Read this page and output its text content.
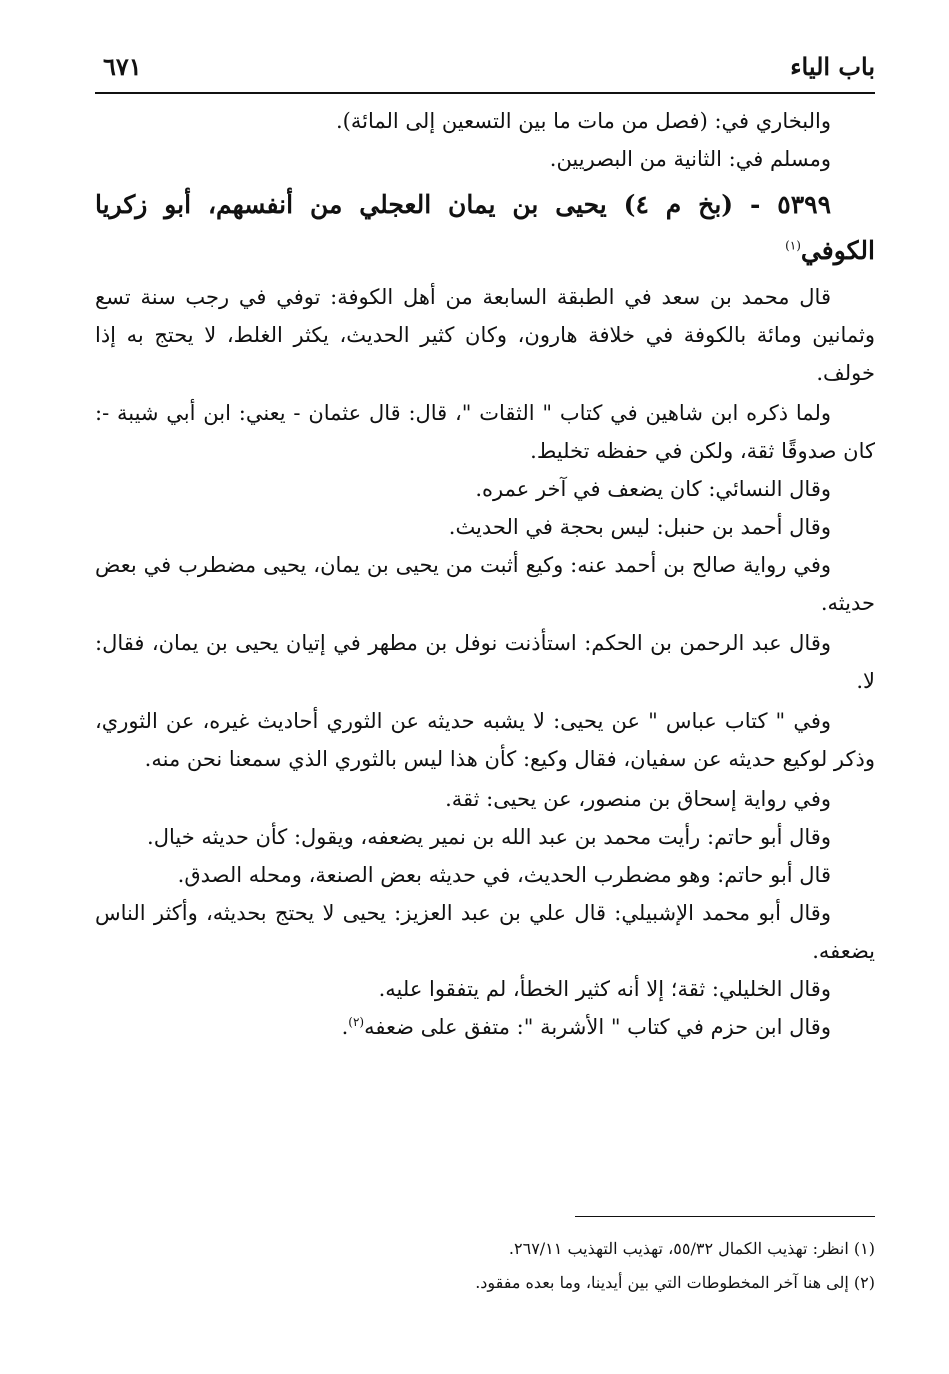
باب الياء
٦٧١

والبخاري في: (فصل من مات ما بين التسعين إلى المائة).

ومسلم في: الثانية من البصريين.

٥٣٩٩ - (بخ م ٤) يحيى بن يمان العجلي من أنفسهم، أبو زكريا الكوفي$^{(١)}$

قال محمد بن سعد في الطبقة السابعة من أهل الكوفة: توفي في رجب سنة تسع وثمانين ومائة بالكوفة في خلافة هارون، وكان كثير الحديث، يكثر الغلط، لا يحتج به إذا خولف.

ولما ذكره ابن شاهين في كتاب " الثقات "، قال: قال عثمان - يعني: ابن أبي شيبة -: كان صدوقًا ثقة، ولكن في حفظه تخليط.

وقال النسائي: كان يضعف في آخر عمره.

وقال أحمد بن حنبل: ليس بحجة في الحديث.

وفي رواية صالح بن أحمد عنه: وكيع أثبت من يحيى بن يمان، يحيى مضطرب في بعض حديثه.

وقال عبد الرحمن بن الحكم: استأذنت نوفل بن مطهر في إتيان يحيى بن يمان، فقال: لا.

وفي " كتاب عباس " عن يحيى: لا يشبه حديثه عن الثوري أحاديث غيره، عن الثوري، وذكر لوكيع حديثه عن سفيان، فقال وكيع: كأن هذا ليس بالثوري الذي سمعنا نحن منه.

وفي رواية إسحاق بن منصور، عن يحيى: ثقة.

وقال أبو حاتم: رأيت محمد بن عبد الله بن نمير يضعفه، ويقول: كأن حديثه خيال.

قال أبو حاتم: وهو مضطرب الحديث، في حديثه بعض الصنعة، ومحله الصدق.

وقال أبو محمد الإشبيلي: قال علي بن عبد العزيز: يحيى لا يحتج بحديثه، وأكثر الناس يضعفه.

وقال الخليلي: ثقة؛ إلا أنه كثير الخطأ، لم يتفقوا عليه.

وقال ابن حزم في كتاب " الأشربة ": متفق على ضعفه$^{(٢)}$.

(١) انظر: تهذيب الكمال ٥٥/٣٢، تهذيب التهذيب ٢٦٧/١١.

(٢) إلى هنا آخر المخطوطات التي بين أيدينا، وما بعده مفقود.
